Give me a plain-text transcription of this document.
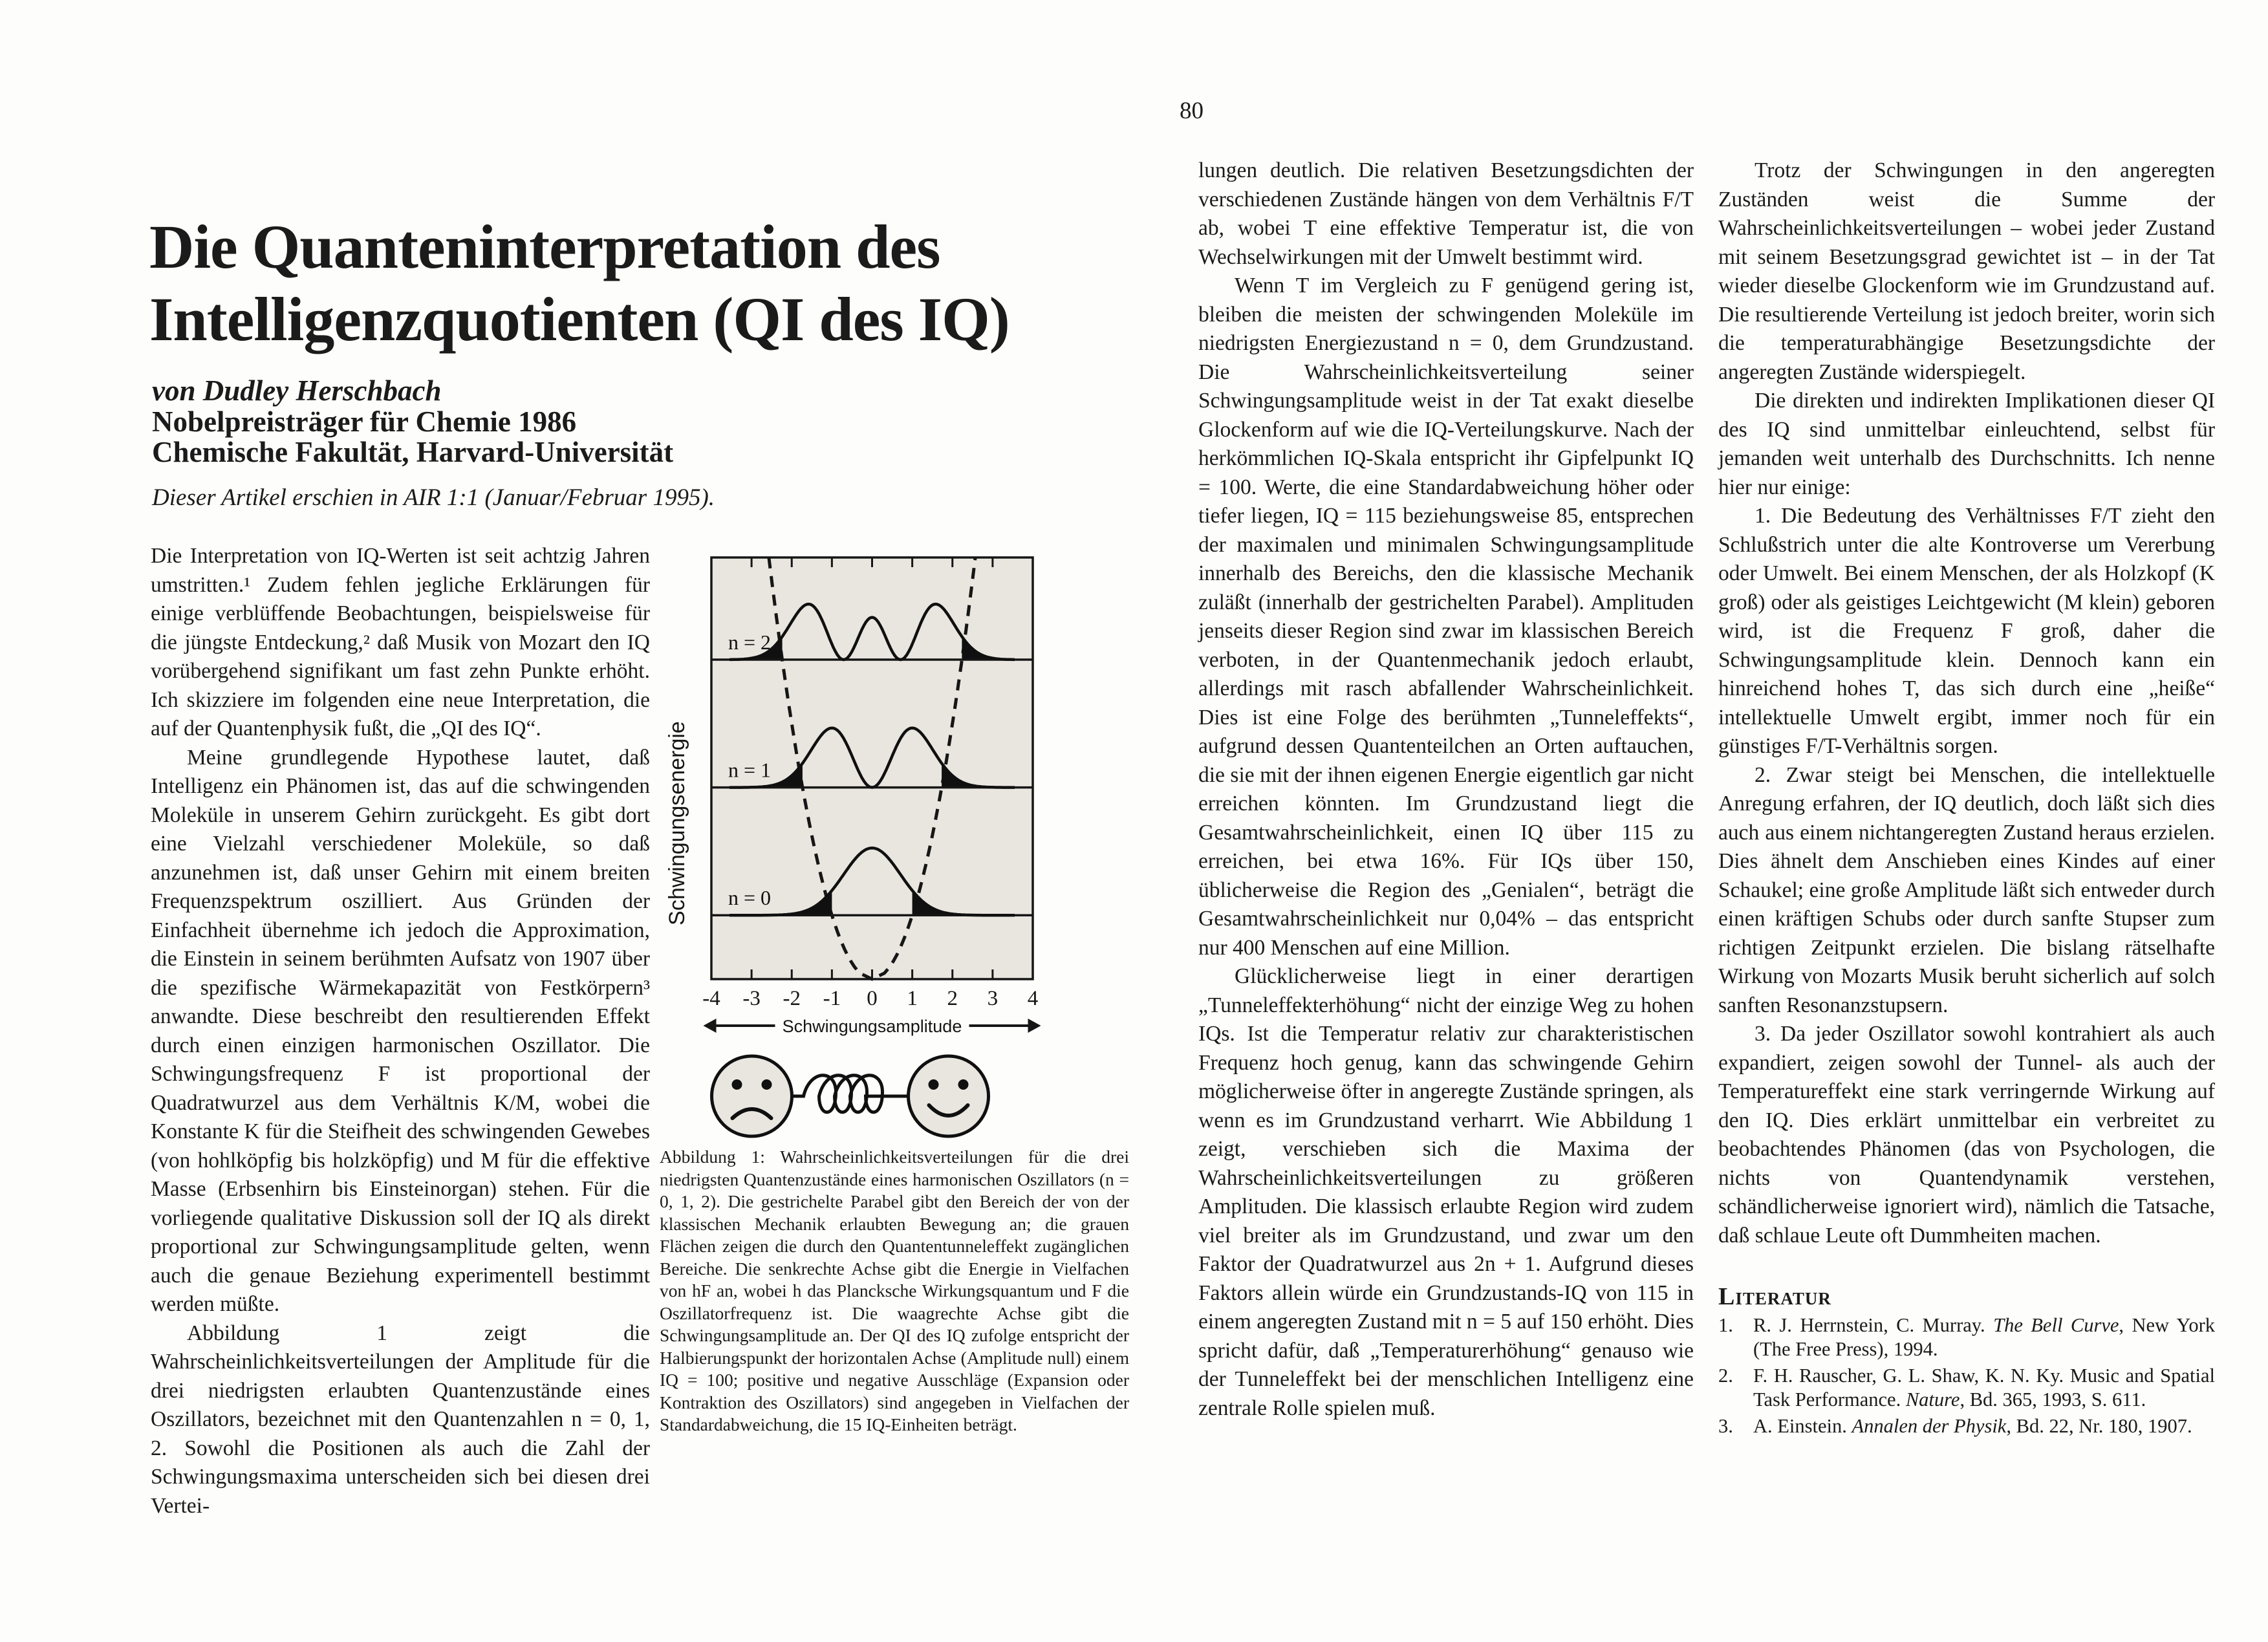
80
Die Quanteninterpretation des
Intelligenzquotienten (QI des IQ)
von Dudley Herschbach
Nobelpreisträger für Chemie 1986
Chemische Fakultät, Harvard-Universität
Dieser Artikel erschien in AIR 1:1 (Januar/Februar 1995).

Die Interpretation von IQ-Werten ist seit achtzig Jahren umstritten.¹ Zudem fehlen jegliche Erklärungen für einige verblüffende Beobachtungen, beispielsweise für die jüngste Entdeckung,² daß Musik von Mozart den IQ vorübergehend signifikant um fast zehn Punkte erhöht. Ich skizziere im folgenden eine neue Interpretation, die auf der Quantenphysik fußt, die „QI des IQ“.

Meine grundlegende Hypothese lautet, daß Intelligenz ein Phänomen ist, das auf die schwingenden Moleküle in unserem Gehirn zurückgeht. Es gibt dort eine Vielzahl verschiedener Moleküle, so daß anzunehmen ist, daß unser Gehirn mit einem breiten Frequenzspektrum oszilliert. Aus Gründen der Einfachheit übernehme ich jedoch die Approximation, die Einstein in seinem berühmten Aufsatz von 1907 über die spezifische Wärmekapazität von Festkörpern³ anwandte. Diese beschreibt den resultierenden Effekt durch einen einzigen harmonischen Oszillator. Die Schwingungsfrequenz F ist proportional der Quadratwurzel aus dem Verhältnis K/M, wobei die Konstante K für die Steifheit des schwingenden Gewebes (von hohlköpfig bis holzköpfig) und M für die effektive Masse (Erbsenhirn bis Einsteinorgan) stehen. Für die vorliegende qualitative Diskussion soll der IQ als direkt proportional zur Schwingungsamplitude gelten, wenn auch die genaue Beziehung experimentell bestimmt werden müßte.

Abbildung 1 zeigt die Wahrscheinlichkeitsverteilungen der Amplitude für die drei niedrigsten erlaubten Quantenzustände eines Oszillators, bezeichnet mit den Quantenzahlen n = 0, 1, 2. Sowohl die Positionen als auch die Zahl der Schwingungsmaxima unterscheiden sich bei diesen drei Vertei-

-4 -3 -2 -1 0 1 2 3 4
n = 2
n = 1
n = 0
Schwingungsenergie
Schwingungsamplitude
Abbildung 1: Wahrscheinlichkeitsverteilungen für die drei niedrigsten Quantenzustände eines harmonischen Oszillators (n = 0, 1, 2). Die gestrichelte Parabel gibt den Bereich der von der klassischen Mechanik erlaubten Bewegung an; die grauen Flächen zeigen die durch den Quantentunneleffekt zugänglichen Bereiche. Die senkrechte Achse gibt die Energie in Vielfachen von hF an, wobei h das Plancksche Wirkungsquantum und F die Oszillatorfrequenz ist. Die waagrechte Achse gibt die Schwingungsamplitude an. Der QI des IQ zufolge entspricht der Halbierungspunkt der horizontalen Achse (Amplitude null) einem IQ = 100; positive und negative Ausschläge (Expansion oder Kontraktion des Oszillators) sind angegeben in Vielfachen der Standardabweichung, die 15 IQ-Einheiten beträgt.

lungen deutlich. Die relativen Besetzungsdichten der verschiedenen Zustände hängen von dem Verhältnis F/T ab, wobei T eine effektive Temperatur ist, die von Wechselwirkungen mit der Umwelt bestimmt wird.

Wenn T im Vergleich zu F genügend gering ist, bleiben die meisten der schwingenden Moleküle im niedrigsten Energiezustand n = 0, dem Grundzustand. Die Wahrscheinlichkeitsverteilung seiner Schwingungsamplitude weist in der Tat exakt dieselbe Glockenform auf wie die IQ-Verteilungskurve. Nach der herkömmlichen IQ-Skala entspricht ihr Gipfelpunkt IQ = 100. Werte, die eine Standardabweichung höher oder tiefer liegen, IQ = 115 beziehungsweise 85, entsprechen der maximalen und minimalen Schwingungsamplitude innerhalb des Bereichs, den die klassische Mechanik zuläßt (innerhalb der gestrichelten Parabel). Amplituden jenseits dieser Region sind zwar im klassischen Bereich verboten, in der Quantenmechanik jedoch erlaubt, allerdings mit rasch abfallender Wahrscheinlichkeit. Dies ist eine Folge des berühmten „Tunneleffekts“, aufgrund dessen Quantenteilchen an Orten auftauchen, die sie mit der ihnen eigenen Energie eigentlich gar nicht erreichen könnten. Im Grundzustand liegt die Gesamtwahrscheinlichkeit, einen IQ über 115 zu erreichen, bei etwa 16%. Für IQs über 150, üblicherweise die Region des „Genialen“, beträgt die Gesamtwahrscheinlichkeit nur 0,04% – das entspricht nur 400 Menschen auf eine Million.

Glücklicherweise liegt in einer derartigen „Tunneleffekterhöhung“ nicht der einzige Weg zu hohen IQs. Ist die Temperatur relativ zur charakteristischen Frequenz hoch genug, kann das schwingende Gehirn möglicherweise öfter in angeregte Zustände springen, als wenn es im Grundzustand verharrt. Wie Abbildung 1 zeigt, verschieben sich die Maxima der Wahrscheinlichkeitsverteilungen zu größeren Amplituden. Die klassisch erlaubte Region wird zudem viel breiter als im Grundzustand, und zwar um den Faktor der Quadratwurzel aus 2n + 1. Aufgrund dieses Faktors allein würde ein Grundzustands-IQ von 115 in einem angeregten Zustand mit n = 5 auf 150 erhöht. Dies spricht dafür, daß „Temperaturerhöhung“ genauso wie der Tunneleffekt bei der menschlichen Intelligenz eine zentrale Rolle spielen muß.

Trotz der Schwingungen in den angeregten Zuständen weist die Summe der Wahrscheinlichkeitsverteilungen – wobei jeder Zustand mit seinem Besetzungsgrad gewichtet ist – in der Tat wieder dieselbe Glockenform wie im Grundzustand auf. Die resultierende Verteilung ist jedoch breiter, worin sich die temperaturabhängige Besetzungsdichte der angeregten Zustände widerspiegelt.

Die direkten und indirekten Implikationen dieser QI des IQ sind unmittelbar einleuchtend, selbst für jemanden weit unterhalb des Durchschnitts. Ich nenne hier nur einige:

1. Die Bedeutung des Verhältnisses F/T zieht den Schlußstrich unter die alte Kontroverse um Vererbung oder Umwelt. Bei einem Menschen, der als Holzkopf (K groß) oder als geistiges Leichtgewicht (M klein) geboren wird, ist die Frequenz F groß, daher die Schwingungsamplitude klein. Dennoch kann ein hinreichend hohes T, das sich durch eine „heiße“ intellektuelle Umwelt ergibt, immer noch für ein günstiges F/T-Verhältnis sorgen.

2. Zwar steigt bei Menschen, die intellektuelle Anregung erfahren, der IQ deutlich, doch läßt sich dies auch aus einem nichtangeregten Zustand heraus erzielen. Dies ähnelt dem Anschieben eines Kindes auf einer Schaukel; eine große Amplitude läßt sich entweder durch einen kräftigen Schubs oder durch sanfte Stupser zum richtigen Zeitpunkt erzielen. Die bislang rätselhafte Wirkung von Mozarts Musik beruht sicherlich auf solch sanften Resonanzstupsern.

3. Da jeder Oszillator sowohl kontrahiert als auch expandiert, zeigen sowohl der Tunnel- als auch der Temperatureffekt eine stark verringernde Wirkung auf den IQ. Dies erklärt unmittelbar ein verbreitet zu beobachtendes Phänomen (das von Psychologen, die nichts von Quantendynamik verstehen, schändlicherweise ignoriert wird), nämlich die Tatsache, daß schlaue Leute oft Dummheiten machen.

Literatur
1.	R. J. Herrnstein, C. Murray. The Bell Curve, New York (The Free Press), 1994.
2.	F. H. Rauscher, G. L. Shaw, K. N. Ky. Music and Spatial Task Performance. Nature, Bd. 365, 1993, S. 611.
3.	A. Einstein. Annalen der Physik, Bd. 22, Nr. 180, 1907.
